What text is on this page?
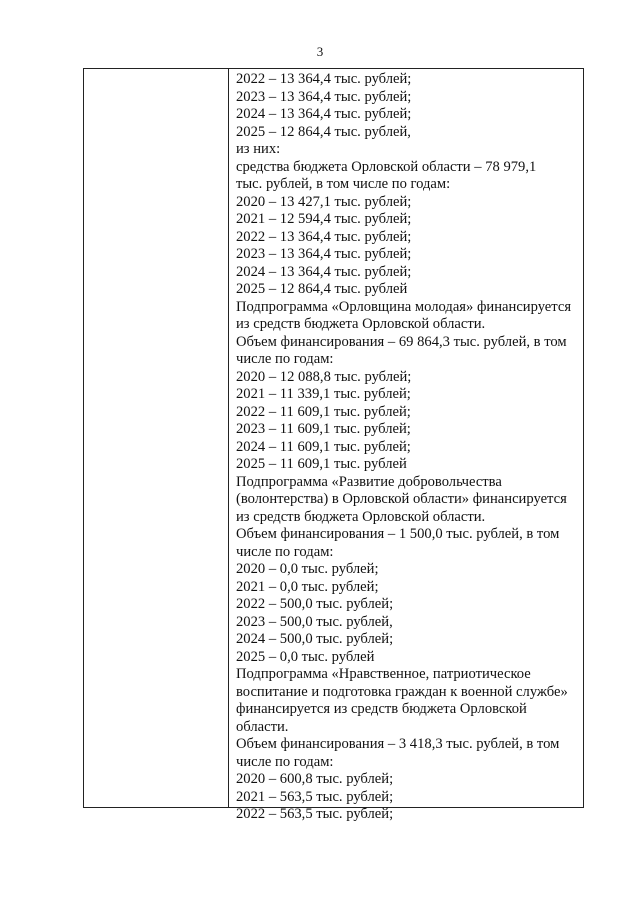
3
2022 – 13 364,4 тыс. рублей;
2023 – 13 364,4 тыс. рублей;
2024 – 13 364,4 тыс. рублей;
2025 – 12 864,4 тыс. рублей,
из них:
средства бюджета Орловской области – 78 979,1
тыс. рублей, в том числе по годам:
2020 – 13 427,1 тыс. рублей;
2021 – 12 594,4 тыс. рублей;
2022 – 13 364,4 тыс. рублей;
2023 – 13 364,4 тыс. рублей;
2024 – 13 364,4 тыс. рублей;
2025 – 12 864,4 тыс. рублей
Подпрограмма «Орловщина молодая» финансируется
из средств бюджета Орловской области.
Объем финансирования – 69 864,3 тыс. рублей, в том
числе по годам:
2020 – 12 088,8 тыс. рублей;
2021 – 11 339,1 тыс. рублей;
2022 – 11 609,1 тыс. рублей;
2023 – 11 609,1 тыс. рублей;
2024 – 11 609,1 тыс. рублей;
2025 – 11 609,1 тыс. рублей
Подпрограмма «Развитие добровольчества
(волонтерства) в Орловской области» финансируется
из средств бюджета Орловской области.
Объем финансирования – 1 500,0 тыс. рублей, в том
числе по годам:
2020 – 0,0 тыс. рублей;
2021 – 0,0 тыс. рублей;
2022 – 500,0 тыс. рублей;
2023 – 500,0 тыс. рублей,
2024 – 500,0 тыс. рублей;
2025 – 0,0 тыс. рублей
Подпрограмма «Нравственное, патриотическое
воспитание и подготовка граждан к военной службе»
финансируется из средств бюджета Орловской
области.
Объем финансирования – 3 418,3 тыс. рублей, в том
числе по годам:
2020 – 600,8 тыс. рублей;
2021 – 563,5 тыс. рублей;
2022 – 563,5 тыс. рублей;
